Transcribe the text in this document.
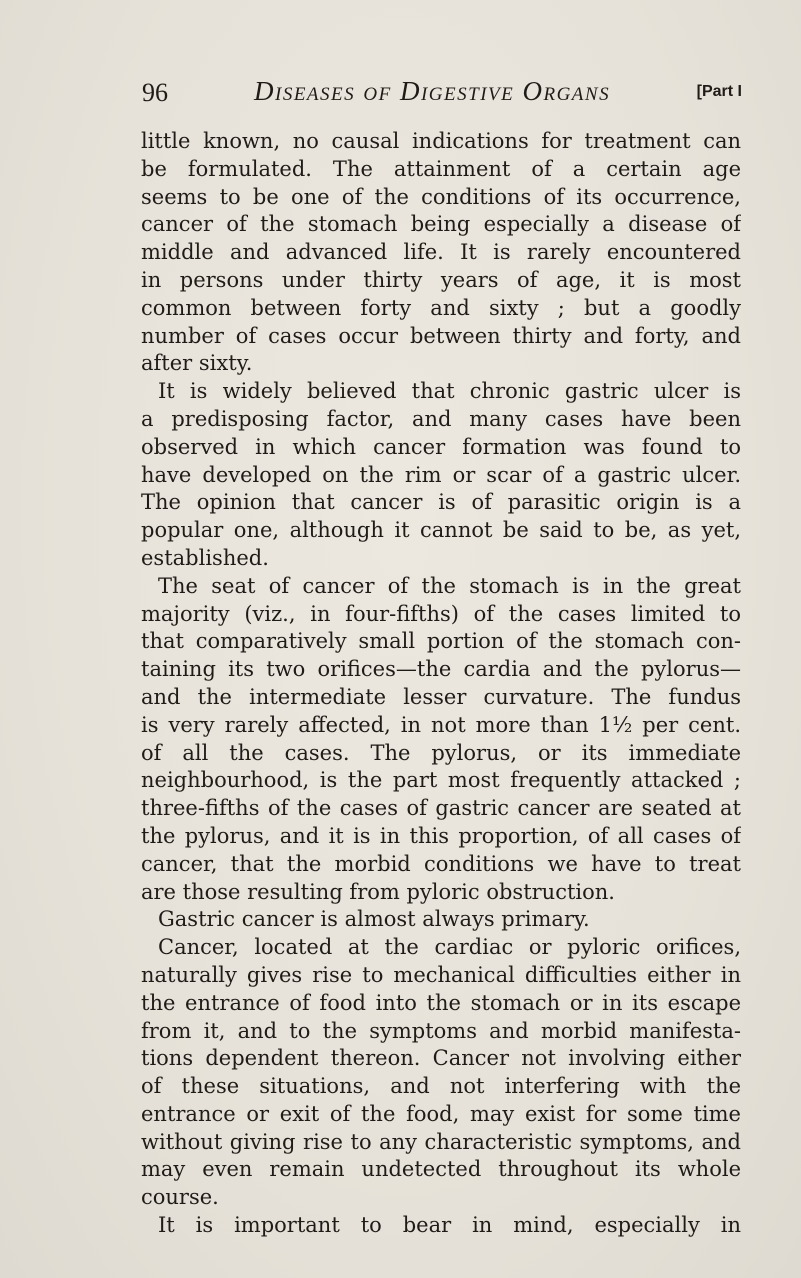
96	Diseases of Digestive Organs	[Part I
little known, no causal indications for treatment can
be formulated. The attainment of a certain age
seems to be one of the conditions of its occurrence,
cancer of the stomach being especially a disease of
middle and advanced life. It is rarely encountered
in persons under thirty years of age, it is most
common between forty and sixty ; but a goodly
number of cases occur between thirty and forty, and
after sixty.
It is widely believed that chronic gastric ulcer is
a predisposing factor, and many cases have been
observed in which cancer formation was found to
have developed on the rim or scar of a gastric ulcer.
The opinion that cancer is of parasitic origin is a
popular one, although it cannot be said to be, as yet,
established.
The seat of cancer of the stomach is in the great
majority (viz., in four-fifths) of the cases limited to
that comparatively small portion of the stomach con-
taining its two orifices—the cardia and the pylorus—
and the intermediate lesser curvature. The fundus
is very rarely affected, in not more than 1½ per cent.
of all the cases. The pylorus, or its immediate
neighbourhood, is the part most frequently attacked ;
three-fifths of the cases of gastric cancer are seated at
the pylorus, and it is in this proportion, of all cases of
cancer, that the morbid conditions we have to treat
are those resulting from pyloric obstruction.
Gastric cancer is almost always primary.
Cancer, located at the cardiac or pyloric orifices,
naturally gives rise to mechanical difficulties either in
the entrance of food into the stomach or in its escape
from it, and to the symptoms and morbid manifesta-
tions dependent thereon. Cancer not involving either
of these situations, and not interfering with the
entrance or exit of the food, may exist for some time
without giving rise to any characteristic symptoms, and
may even remain undetected throughout its whole
course.
It is important to bear in mind, especially in
